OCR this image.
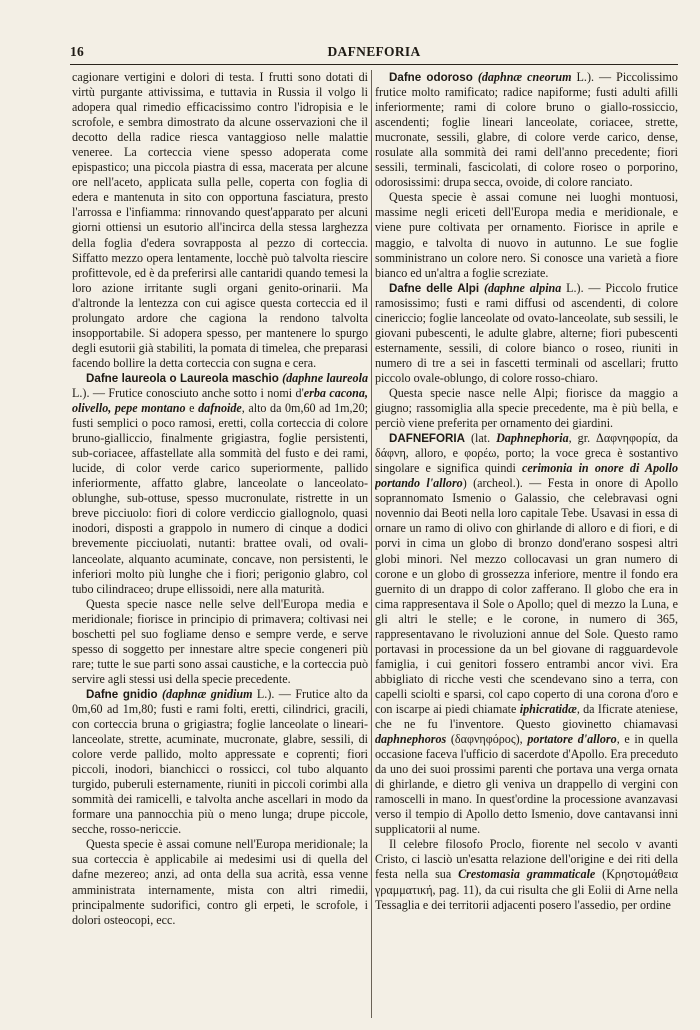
16	DAFNEFORIA

cagionare vertigini e dolori di testa. I frutti sono dotati di virtù purgante attivissima, e tuttavia in Russia il volgo li adopera qual rimedio efficacissimo contro l'idropisia e le scrofole, e sembra dimostrato da alcune osservazioni che il decotto della radice riesca vantaggioso nelle malattie veneree. La corteccia viene spesso adoperata come epispastico; una piccola piastra di essa, macerata per alcune ore nell'aceto, applicata sulla pelle, coperta con foglia di edera e mantenuta in sito con opportuna fasciatura, presto l'arrossa e l'infiamma: rinnovando quest'apparato per alcuni giorni ottiensi un esutorio all'incirca della stessa larghezza della foglia d'edera sovrapposta al pezzo di corteccia. Siffatto mezzo opera lentamente, locchè può talvolta riescire profittevole, ed è da preferirsi alle cantaridi quando temesi la loro azione irritante sugli organi genito-orinarii. Ma d'altronde la lentezza con cui agisce questa corteccia ed il prolungato ardore che cagiona la rendono talvolta insopportabile. Si adopera spesso, per mantenere lo spurgo degli esutorii già stabiliti, la pomata di timelea, che preparasi facendo bollire la detta corteccia con sugna e cera.

Dafne laureola o Laureola maschio (daphne laureola L.). — Frutice conosciuto anche sotto i nomi d'erba cacona, olivello, pepe montano e dafnoide, alto da 0m,60 ad 1m,20; fusti semplici o poco ramosi, eretti, colla corteccia di colore bruno-gialliccio, finalmente grigiastra, foglie persistenti, sub-coriacee, affastellate alla sommità del fusto e dei rami, lucide, di color verde carico superiormente, pallido inferiormente, affatto glabre, lanceolate o lanceolato-oblunghe, sub-ottuse, spesso mucronulate, ristrette in un breve picciuolo: fiori di colore verdiccio giallognolo, quasi inodori, disposti a grappolo in numero di cinque a dodici brevemente picciuolati, nutanti: brattee ovali, od ovali-lanceolate, alquanto acuminate, concave, non persistenti, le inferiori molto più lunghe che i fiori; perigonio glabro, col tubo cilindraceo; drupe ellissoidi, nere alla maturità.

Questa specie nasce nelle selve dell'Europa media e meridionale; fiorisce in principio di primavera; coltivasi nei boschetti pel suo fogliame denso e sempre verde, e serve spesso di soggetto per innestare altre specie congeneri più rare; tutte le sue parti sono assai caustiche, e la corteccia può servire agli stessi usi della specie precedente.

Dafne gnidio (daphnæ gnidium L.). — Frutice alto da 0m,60 ad 1m,80; fusti e rami folti, eretti, cilindrici, gracili, con corteccia bruna o grigiastra; foglie lanceolate o lineari-lanceolate, strette, acuminate, mucronate, glabre, sessili, di colore verde pallido, molto appressate e coprenti; fiori piccoli, inodori, bianchicci o rossicci, col tubo alquanto turgido, puberuli esternamente, riuniti in piccoli corimbi alla sommità dei ramicelli, e talvolta anche ascellari in modo da formare una pannocchia più o meno lunga; drupe piccole, secche, rosso-nericcie.

Questa specie è assai comune nell'Europa meridionale; la sua corteccia è applicabile ai medesimi usi di quella del dafne mezereo; anzi, ad onta della sua acrità, essa venne amministrata internamente, mista con altri rimedii, principalmente sudorifici, contro gli erpeti, le scrofole, i dolori osteocopi, ecc.

Dafne odoroso (daphnæ cneorum L.). — Piccolissimo frutice molto ramificato; radice napiforme; fusti adulti afilli inferiormente; rami di colore bruno o giallo-rossiccio, ascendenti; foglie lineari lanceolate, coriacee, strette, mucronate, sessili, glabre, di colore verde carico, dense, rosulate alla sommità dei rami dell'anno precedente; fiori sessili, terminali, fascicolati, di colore roseo o porporino, odorosissimi: drupa secca, ovoide, di colore ranciato.

Questa specie è assai comune nei luoghi montuosi, massime negli ericeti dell'Europa media e meridionale, e viene pure coltivata per ornamento. Fiorisce in aprile e maggio, e talvolta di nuovo in autunno. Le sue foglie somministrano un colore nero. Si conosce una varietà a fiore bianco ed un'altra a foglie screziate.

Dafne delle Alpi (daphne alpina L.). — Piccolo frutice ramosissimo; fusti e rami diffusi od ascendenti, di colore cinericcio; foglie lanceolate od ovato-lanceolate, sub sessili, le giovani pubescenti, le adulte glabre, alterne; fiori pubescenti esternamente, sessili, di colore bianco o roseo, riuniti in numero di tre a sei in fascetti terminali od ascellari; frutto piccolo ovale-oblungo, di colore rosso-chiaro.

Questa specie nasce nelle Alpi; fiorisce da maggio a giugno; rassomiglia alla specie precedente, ma è più bella, e perciò viene preferita per ornamento dei giardini.

DAFNEFORIA (lat. Daphnephoria, gr. Δαφνηφορία, da δάφνη, alloro, e φορέω, porto; la voce greca è sostantivo singolare e significa quindi cerimonia in onore di Apollo portando l'alloro) (archeol.). — Festa in onore di Apollo soprannomato Ismenio o Galassio, che celebravasi ogni novennio dai Beoti nella loro capitale Tebe. Usavasi in essa di ornare un ramo di olivo con ghirlande di alloro e di fiori, e di porvi in cima un globo di bronzo dond'erano sospesi altri globi minori. Nel mezzo collocavasi un gran numero di corone e un globo di grossezza inferiore, mentre il fondo era guernito di un drappo di color zafferano. Il globo che era in cima rappresentava il Sole o Apollo; quel di mezzo la Luna, e gli altri le stelle; e le corone, in numero di 365, rappresentavano le rivoluzioni annue del Sole. Questo ramo portavasi in processione da un bel giovane di ragguardevole famiglia, i cui genitori fossero entrambi ancor vivi. Era abbigliato di ricche vesti che scendevano sino a terra, con capelli sciolti e sparsi, col capo coperto di una corona d'oro e con iscarpe ai piedi chiamate iphicratidæ, da Ificrate ateniese, che ne fu l'inventore. Questo giovinetto chiamavasi daphnephoros (δαφνηφόρος), portatore d'alloro, e in quella occasione faceva l'ufficio di sacerdote d'Apollo. Era preceduto da uno dei suoi prossimi parenti che portava una verga ornata di ghirlande, e dietro gli veniva un drappello di vergini con ramoscelli in mano. In quest'ordine la processione avanzavasi verso il tempio di Apollo detto Ismenio, dove cantavansi inni supplicatorii al nume.

Il celebre filosofo Proclo, fiorente nel secolo v avanti Cristo, ci lasciò un'esatta relazione dell'origine e dei riti della festa nella sua Crestomasia grammaticale (Κρηστομάθεια γραμματική, pag. 11), da cui risulta che gli Eolii di Arne nella Tessaglia e dei territorii adjacenti posero l'assedio, per ordine
